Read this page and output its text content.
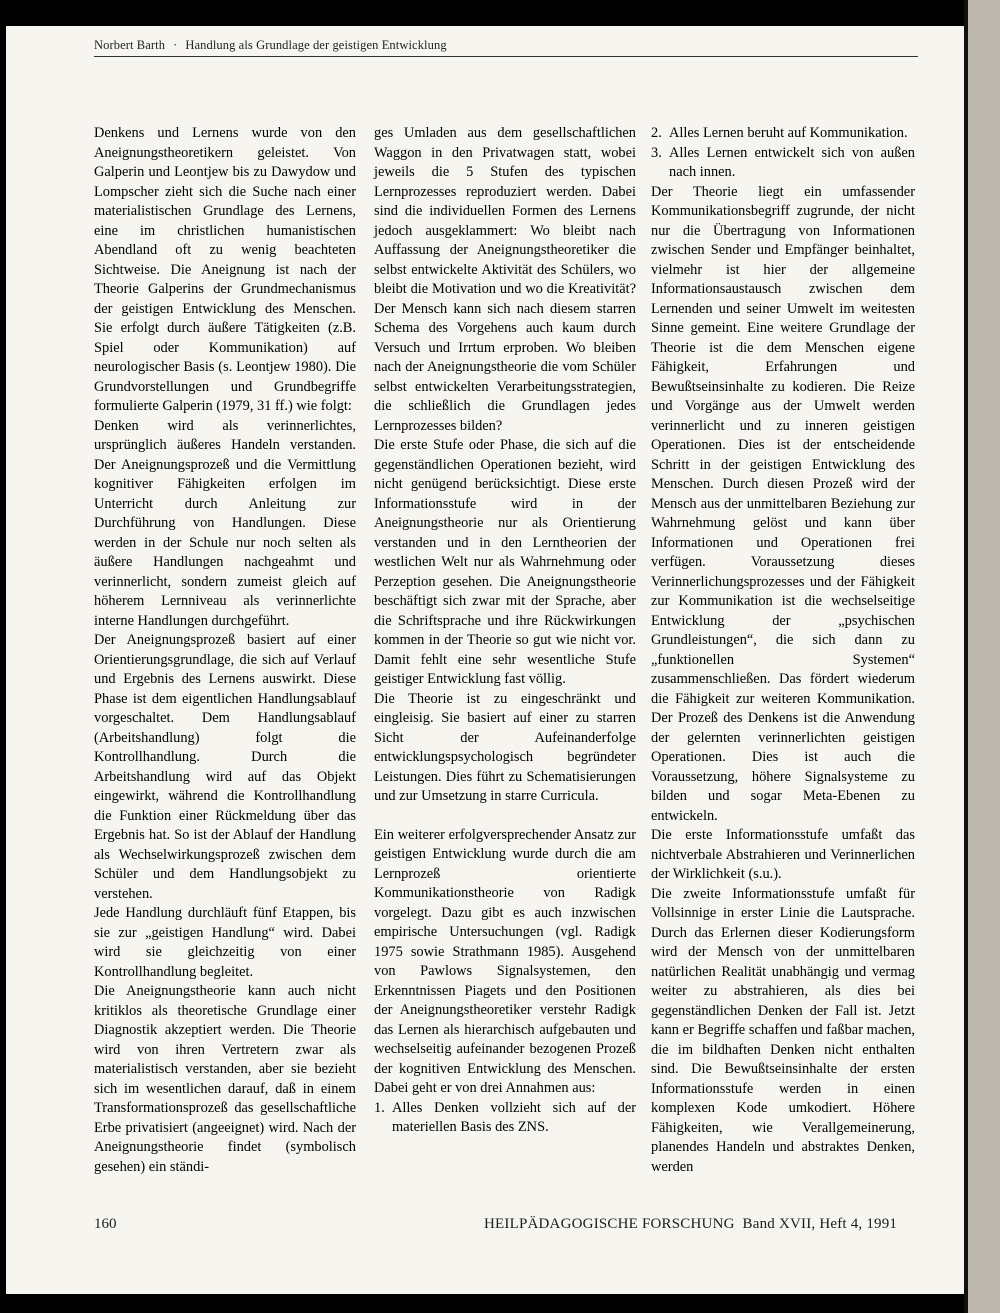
Norbert Barth · Handlung als Grundlage der geistigen Entwicklung

Denkens und Lernens wurde von den Aneignungstheoretikern geleistet. Von Galperin und Leontjew bis zu Dawydow und Lompscher zieht sich die Suche nach einer materialistischen Grundlage des Lernens, eine im christlichen humanistischen Abendland oft zu wenig beachteten Sichtweise. Die Aneignung ist nach der Theorie Galperins der Grundmechanismus der geistigen Entwicklung des Menschen. Sie erfolgt durch äußere Tätigkeiten (z.B. Spiel oder Kommunikation) auf neurologischer Basis (s. Leontjew 1980). Die Grundvorstellungen und Grundbegriffe formulierte Galperin (1979, 31 ff.) wie folgt:

Denken wird als verinnerlichtes, ursprünglich äußeres Handeln verstanden. Der Aneignungsprozeß und die Vermittlung kognitiver Fähigkeiten erfolgen im Unterricht durch Anleitung zur Durchführung von Handlungen. Diese werden in der Schule nur noch selten als äußere Handlungen nachgeahmt und verinnerlicht, sondern zumeist gleich auf höherem Lernniveau als verinnerlichte interne Handlungen durchgeführt.

Der Aneignungsprozeß basiert auf einer Orientierungsgrundlage, die sich auf Verlauf und Ergebnis des Lernens auswirkt. Diese Phase ist dem eigentlichen Handlungsablauf vorgeschaltet. Dem Handlungsablauf (Arbeitshandlung) folgt die Kontrollhandlung. Durch die Arbeitshandlung wird auf das Objekt eingewirkt, während die Kontrollhandlung die Funktion einer Rückmeldung über das Ergebnis hat. So ist der Ablauf der Handlung als Wechselwirkungsprozeß zwischen dem Schüler und dem Handlungsobjekt zu verstehen.

Jede Handlung durchläuft fünf Etappen, bis sie zur „geistigen Handlung“ wird. Dabei wird sie gleichzeitig von einer Kontrollhandlung begleitet.

Die Aneignungstheorie kann auch nicht kritiklos als theoretische Grundlage einer Diagnostik akzeptiert werden. Die Theorie wird von ihren Vertretern zwar als materialistisch verstanden, aber sie bezieht sich im wesentlichen darauf, daß in einem Transformationsprozeß das gesellschaftliche Erbe privatisiert (angeeignet) wird. Nach der Aneignungstheorie findet (symbolisch gesehen) ein ständi-

ges Umladen aus dem gesellschaftlichen Waggon in den Privatwagen statt, wobei jeweils die 5 Stufen des typischen Lernprozesses reproduziert werden. Dabei sind die individuellen Formen des Lernens jedoch ausgeklammert: Wo bleibt nach Auffassung der Aneignungstheoretiker die selbst entwickelte Aktivität des Schülers, wo bleibt die Motivation und wo die Kreativität? Der Mensch kann sich nach diesem starren Schema des Vorgehens auch kaum durch Versuch und Irrtum erproben. Wo bleiben nach der Aneignungstheorie die vom Schüler selbst entwickelten Verarbeitungsstrategien, die schließlich die Grundlagen jedes Lernprozesses bilden?

Die erste Stufe oder Phase, die sich auf die gegenständlichen Operationen bezieht, wird nicht genügend berücksichtigt. Diese erste Informationsstufe wird in der Aneignungstheorie nur als Orientierung verstanden und in den Lerntheorien der westlichen Welt nur als Wahrnehmung oder Perzeption gesehen. Die Aneignungstheorie beschäftigt sich zwar mit der Sprache, aber die Schriftsprache und ihre Rückwirkungen kommen in der Theorie so gut wie nicht vor. Damit fehlt eine sehr wesentliche Stufe geistiger Entwicklung fast völlig.

Die Theorie ist zu eingeschränkt und eingleisig. Sie basiert auf einer zu starren Sicht der Aufeinanderfolge entwicklungspsychologisch begründeter Leistungen. Dies führt zu Schematisierungen und zur Umsetzung in starre Curricula.

Ein weiterer erfolgversprechender Ansatz zur geistigen Entwicklung wurde durch die am Lernprozeß orientierte Kommunikationstheorie von Radigk vorgelegt. Dazu gibt es auch inzwischen empirische Untersuchungen (vgl. Radigk 1975 sowie Strathmann 1985). Ausgehend von Pawlows Signalsystemen, den Erkenntnissen Piagets und den Positionen der Aneignungstheoretiker verstehr Radigk das Lernen als hierarchisch aufgebauten und wechselseitig aufeinander bezogenen Prozeß der kognitiven Entwicklung des Menschen. Dabei geht er von drei Annahmen aus:

1. Alles Denken vollzieht sich auf der materiellen Basis des ZNS.
2. Alles Lernen beruht auf Kommunikation.
3. Alles Lernen entwickelt sich von außen nach innen.

Der Theorie liegt ein umfassender Kommunikationsbegriff zugrunde, der nicht nur die Übertragung von Informationen zwischen Sender und Empfänger beinhaltet, vielmehr ist hier der allgemeine Informationsaustausch zwischen dem Lernenden und seiner Umwelt im weitesten Sinne gemeint. Eine weitere Grundlage der Theorie ist die dem Menschen eigene Fähigkeit, Erfahrungen und Bewußtseinsinhalte zu kodieren. Die Reize und Vorgänge aus der Umwelt werden verinnerlicht und zu inneren geistigen Operationen. Dies ist der entscheidende Schritt in der geistigen Entwicklung des Menschen. Durch diesen Prozeß wird der Mensch aus der unmittelbaren Beziehung zur Wahrnehmung gelöst und kann über Informationen und Operationen frei verfügen. Voraussetzung dieses Verinnerlichungsprozesses und der Fähigkeit zur Kommunikation ist die wechselseitige Entwicklung der „psychischen Grundleistungen“, die sich dann zu „funktionellen Systemen“ zusammenschließen. Das fördert wiederum die Fähigkeit zur weiteren Kommunikation. Der Prozeß des Denkens ist die Anwendung der gelernten verinnerlichten geistigen Operationen. Dies ist auch die Voraussetzung, höhere Signalsysteme zu bilden und sogar Meta-Ebenen zu entwickeln.

Die erste Informationsstufe umfaßt das nichtverbale Abstrahieren und Verinnerlichen der Wirklichkeit (s.u.).

Die zweite Informationsstufe umfaßt für Vollsinnige in erster Linie die Lautsprache. Durch das Erlernen dieser Kodierungsform wird der Mensch von der unmittelbaren natürlichen Realität unabhängig und vermag weiter zu abstrahieren, als dies bei gegenständlichen Denken der Fall ist. Jetzt kann er Begriffe schaffen und faßbar machen, die im bildhaften Denken nicht enthalten sind. Die Bewußtseinsinhalte der ersten Informationsstufe werden in einen komplexen Kode umkodiert. Höhere Fähigkeiten, wie Verallgemeinerung, planendes Handeln und abstraktes Denken, werden

160	HEILPÄDAGOGISCHE FORSCHUNG Band XVII, Heft 4, 1991
